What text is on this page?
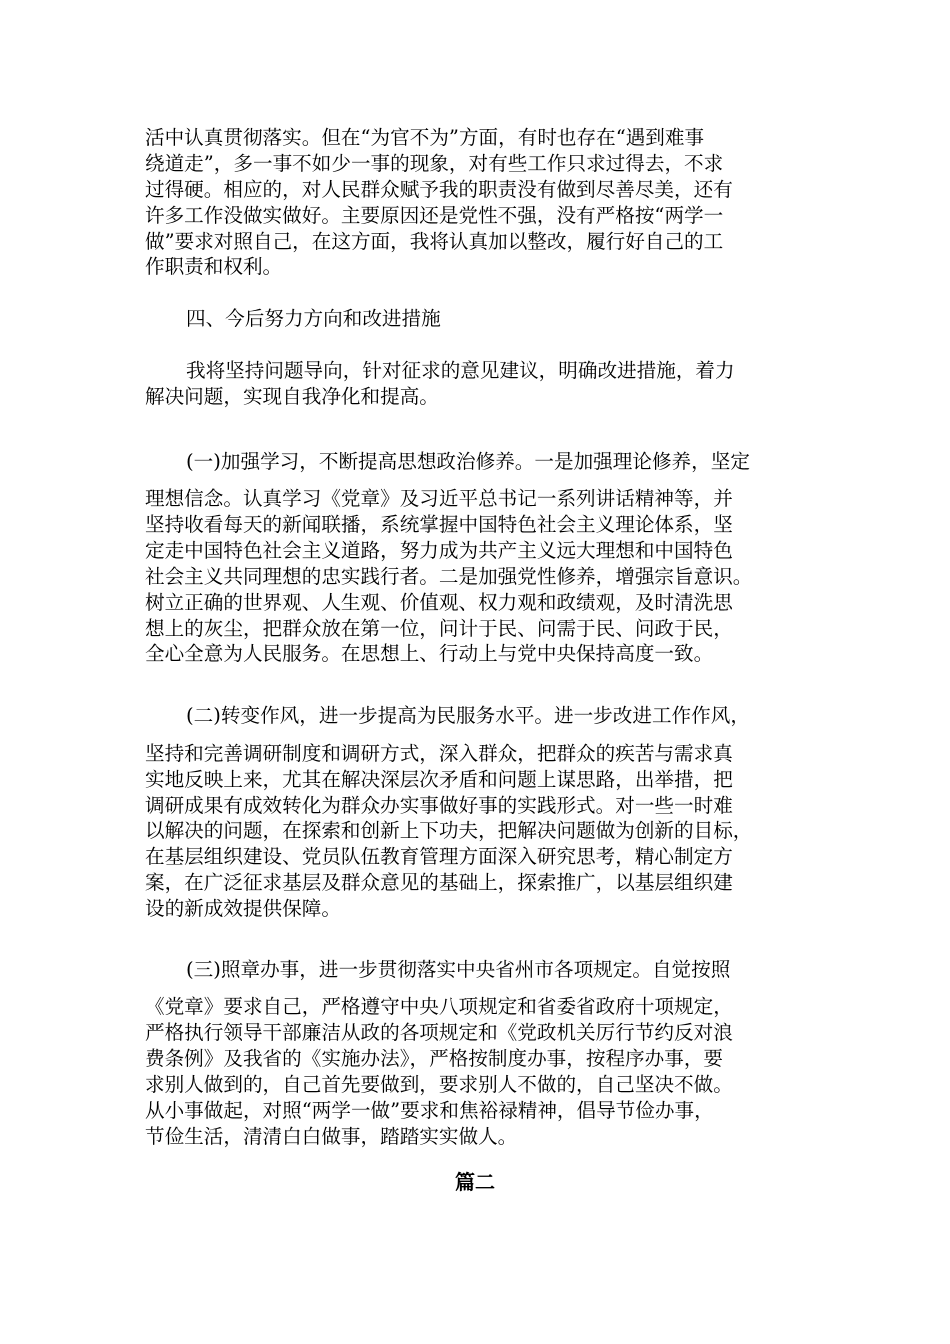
活中认真贯彻落实。但在“为官不为”方面，有时也存在“遇到难事
绕道走”，多一事不如少一事的现象，对有些工作只求过得去，不求
过得硬。相应的，对人民群众赋予我的职责没有做到尽善尽美，还有
许多工作没做实做好。主要原因还是党性不强，没有严格按“两学一
做”要求对照自己，在这方面，我将认真加以整改，履行好自己的工
作职责和权利。
四、今后努力方向和改进措施
我将坚持问题导向，针对征求的意见建议，明确改进措施，着力
解决问题，实现自我净化和提高。
(一)加强学习，不断提高思想政治修养。一是加强理论修养，坚定
理想信念。认真学习《党章》及习近平总书记一系列讲话精神等，并
坚持收看每天的新闻联播，系统掌握中国特色社会主义理论体系，坚
定走中国特色社会主义道路，努力成为共产主义远大理想和中国特色
社会主义共同理想的忠实践行者。二是加强党性修养，增强宗旨意识。
树立正确的世界观、人生观、价值观、权力观和政绩观，及时清洗思
想上的灰尘，把群众放在第一位，问计于民、问需于民、问政于民，
全心全意为人民服务。在思想上、行动上与党中央保持高度一致。
(二)转变作风，进一步提高为民服务水平。进一步改进工作作风，
坚持和完善调研制度和调研方式，深入群众，把群众的疾苦与需求真
实地反映上来，尤其在解决深层次矛盾和问题上谋思路，出举措，把
调研成果有成效转化为群众办实事做好事的实践形式。对一些一时难
以解决的问题，在探索和创新上下功夫，把解决问题做为创新的目标，
在基层组织建设、党员队伍教育管理方面深入研究思考，精心制定方
案，在广泛征求基层及群众意见的基础上，探索推广，以基层组织建
设的新成效提供保障。
(三)照章办事，进一步贯彻落实中央省州市各项规定。自觉按照
《党章》要求自己，严格遵守中央八项规定和省委省政府十项规定，
严格执行领导干部廉洁从政的各项规定和《党政机关厉行节约反对浪
费条例》及我省的《实施办法》，严格按制度办事，按程序办事，要
求别人做到的，自己首先要做到，要求别人不做的，自己坚决不做。
从小事做起，对照“两学一做”要求和焦裕禄精神，倡导节俭办事，
节俭生活，清清白白做事，踏踏实实做人。
篇二
